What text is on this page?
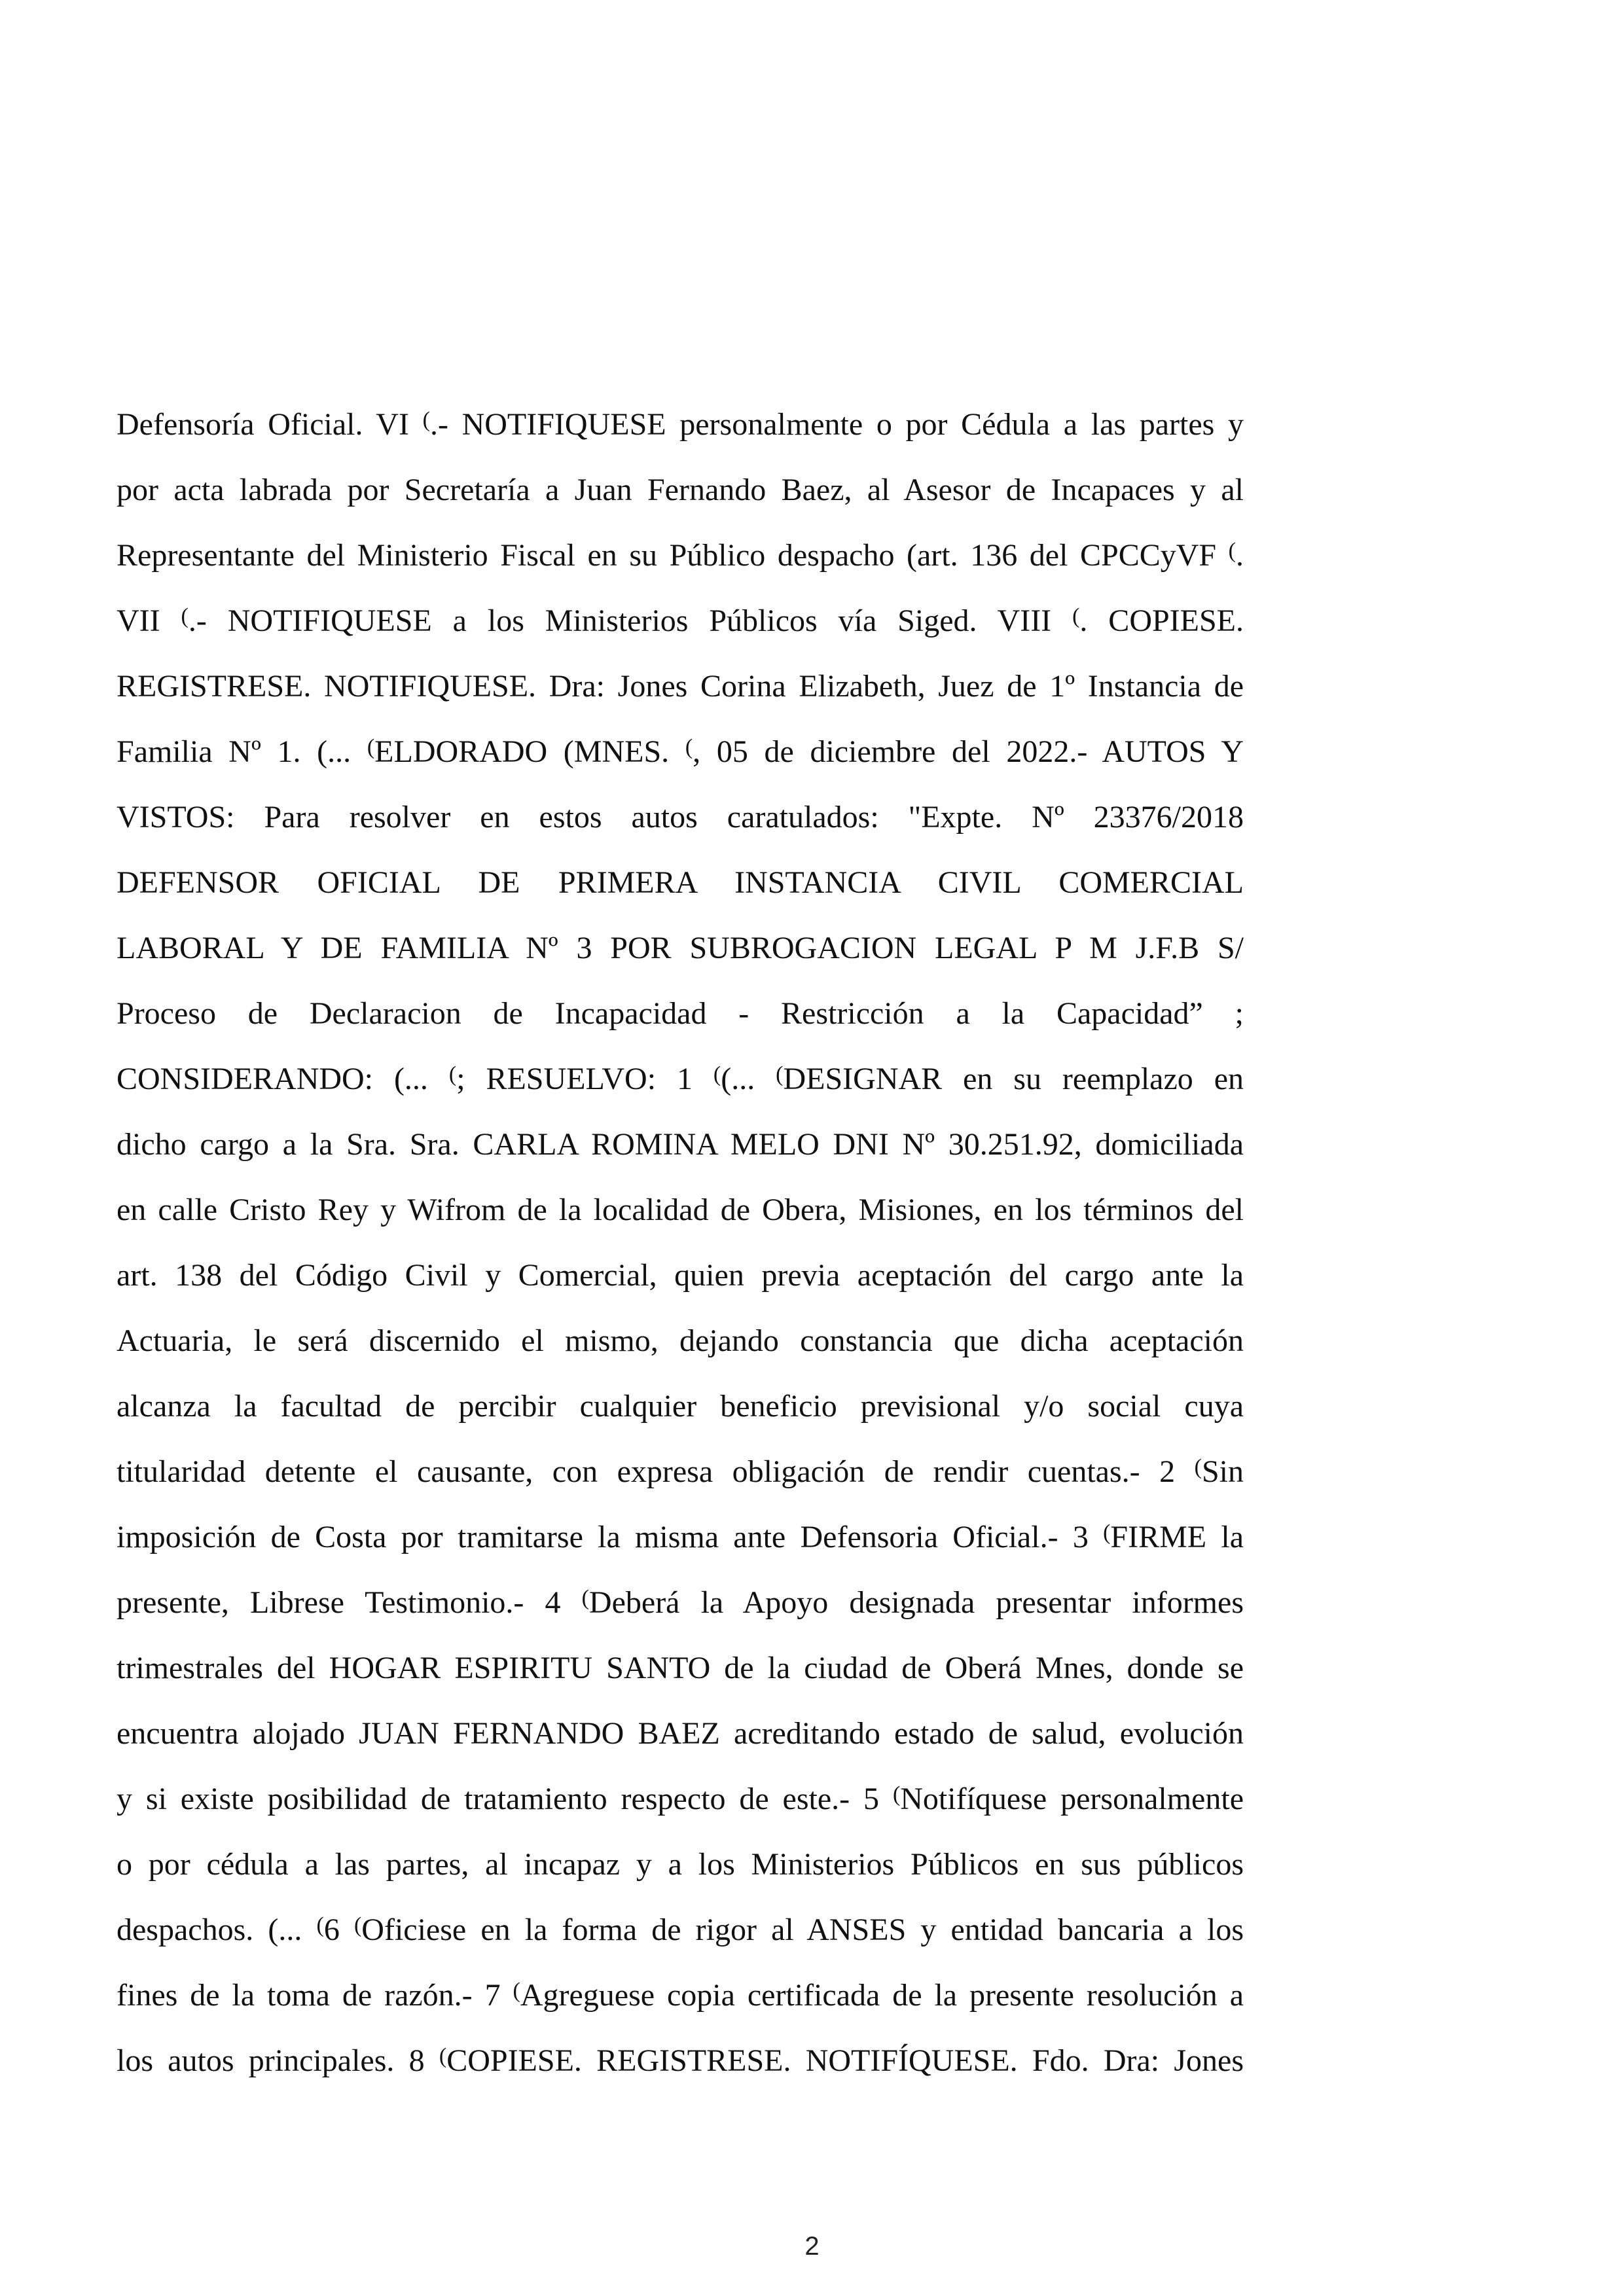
Defensoría Oficial. VI (.- NOTIFIQUESE personalmente o por Cédula a las partes y
por acta labrada por Secretaría a Juan Fernando Baez, al Asesor de Incapaces y al
Representante del Ministerio Fiscal en su Público despacho (art. 136 del CPCCyVF (.
VII (.- NOTIFIQUESE a los Ministerios Públicos vía Siged. VIII (. COPIESE.
REGISTRESE. NOTIFIQUESE. Dra: Jones Corina Elizabeth, Juez de 1º Instancia de
Familia Nº 1. (... (ELDORADO (MNES. (, 05 de diciembre del 2022.- AUTOS Y
VISTOS: Para resolver en estos autos caratulados: "Expte. Nº 23376/2018
DEFENSOR OFICIAL DE PRIMERA INSTANCIA CIVIL COMERCIAL
LABORAL Y DE FAMILIA Nº 3 POR SUBROGACION LEGAL P M J.F.B S/
Proceso de Declaracion de Incapacidad - Restricción a la Capacidad” ;
CONSIDERANDO: (... (; RESUELVO: 1 ((... (DESIGNAR en su reemplazo en
dicho cargo a la Sra. Sra. CARLA ROMINA MELO DNI Nº 30.251.92, domiciliada
en calle Cristo Rey y Wifrom de la localidad de Obera, Misiones, en los términos del
art. 138 del Código Civil y Comercial, quien previa aceptación del cargo ante la
Actuaria, le será discernido el mismo, dejando constancia que dicha aceptación
alcanza la facultad de percibir cualquier beneficio previsional y/o social cuya
titularidad detente el causante, con expresa obligación de rendir cuentas.- 2 (Sin
imposición de Costa por tramitarse la misma ante Defensoria Oficial.- 3 (FIRME la
presente, Librese Testimonio.- 4 (Deberá la Apoyo designada presentar informes
trimestrales del HOGAR ESPIRITU SANTO de la ciudad de Oberá Mnes, donde se
encuentra alojado JUAN FERNANDO BAEZ acreditando estado de salud, evolución
y si existe posibilidad de tratamiento respecto de este.- 5 (Notifíquese personalmente
o por cédula a las partes, al incapaz y a los Ministerios Públicos en sus públicos
despachos. (... (6 (Oficiese en la forma de rigor al ANSES y entidad bancaria a los
fines de la toma de razón.- 7 (Agreguese copia certificada de la presente resolución a
los autos principales. 8 (COPIESE. REGISTRESE. NOTIFÍQUESE. Fdo. Dra: Jones
2
